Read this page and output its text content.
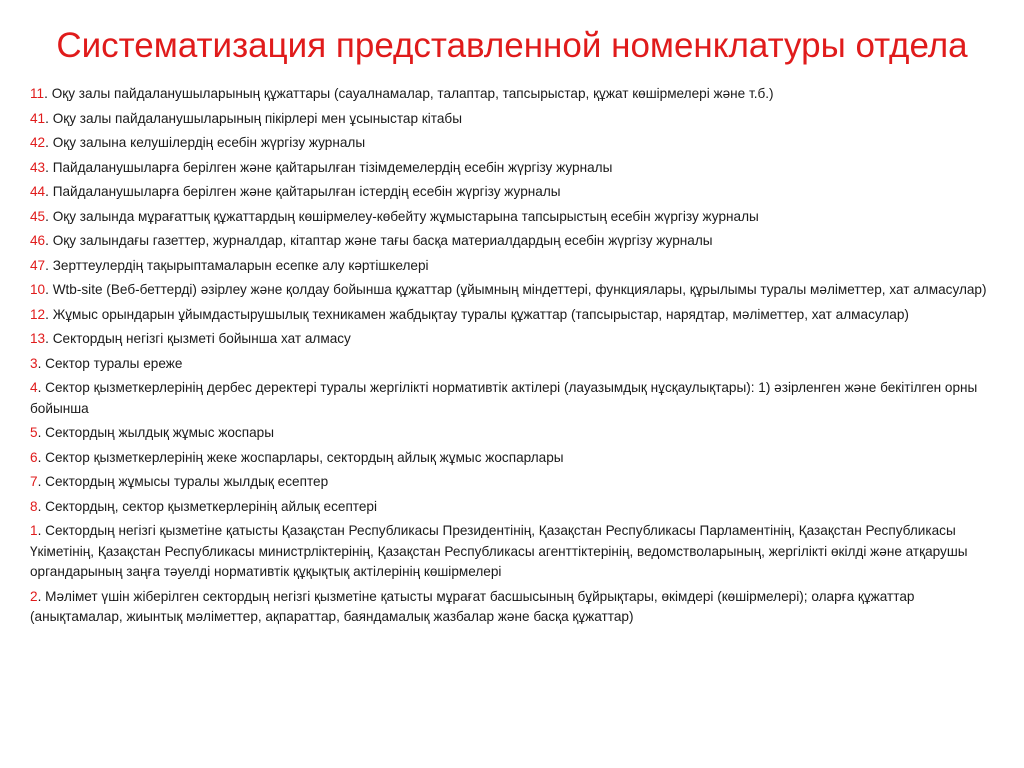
Систематизация представленной номенклатуры отдела
11. Оқу залы пайдаланушыларының құжаттары (сауалнамалар, талаптар, тапсырыстар, құжат көшірмелері және т.б.)
41. Оқу залы пайдаланушыларының пікірлері мен ұсыныстар кітабы
42. Оқу залына келушілердің есебін жүргізу журналы
43. Пайдаланушыларға берілген және қайтарылған тізімдемелердің есебін жүргізу журналы
44. Пайдаланушыларға берілген және қайтарылған істердің есебін жүргізу журналы
45. Оқу залында мұрағаттық құжаттардың көшірмелеу-көбейту жұмыстарына тапсырыстың есебін жүргізу журналы
46. Оқу залындағы газеттер, журналдар, кітаптар және тағы басқа материалдардың есебін жүргізу журналы
47. Зерттеулердің тақырыптамаларын есепке алу кәртішкелері
10. Wtb-site (Веб-беттерді) әзірлеу және қолдау бойынша құжаттар (ұйымның міндеттері, функциялары, құрылымы туралы мәліметтер, хат алмасулар)
12. Жұмыс орындарын ұйымдастырушылық техникамен жабдықтау туралы құжаттар (тапсырыстар, нарядтар, мәліметтер, хат алмасулар)
13. Сектордың негізгі қызметі бойынша хат алмасу
3. Сектор туралы ереже
4. Сектор қызметкерлерінің дербес деректері туралы жергілікті нормативтік актілері (лауазымдық нұсқаулықтары): 1) әзірленген және бекітілген орны бойынша
5. Сектордың жылдық жұмыс жоспары
6. Сектор қызметкерлерінің жеке жоспарлары, сектордың айлық жұмыс жоспарлары
7. Сектордың жұмысы туралы жылдық есептер
8. Сектордың, сектор қызметкерлерінің айлық есептері
1. Сектордың негізгі қызметіне қатысты Қазақстан Республикасы Президентінің, Қазақстан Республикасы Парламентінің, Қазақстан Республикасы Үкіметінің, Қазақстан Республикасы министрліктерінің, Қазақстан Республикасы агенттіктерінің, ведомстволарының, жергілікті өкілді және атқарушы органдарының заңға тәуелді нормативтік құқықтық актілерінің көшірмелері
2. Мәлімет үшін жіберілген сектордың негізгі қызметіне қатысты мұрағат басшысының бұйрықтары, өкімдері (көшірмелері); оларға құжаттар (анықтамалар, жиынтық мәліметтер, ақпараттар, баяндамалық жазбалар және басқа құжаттар)
